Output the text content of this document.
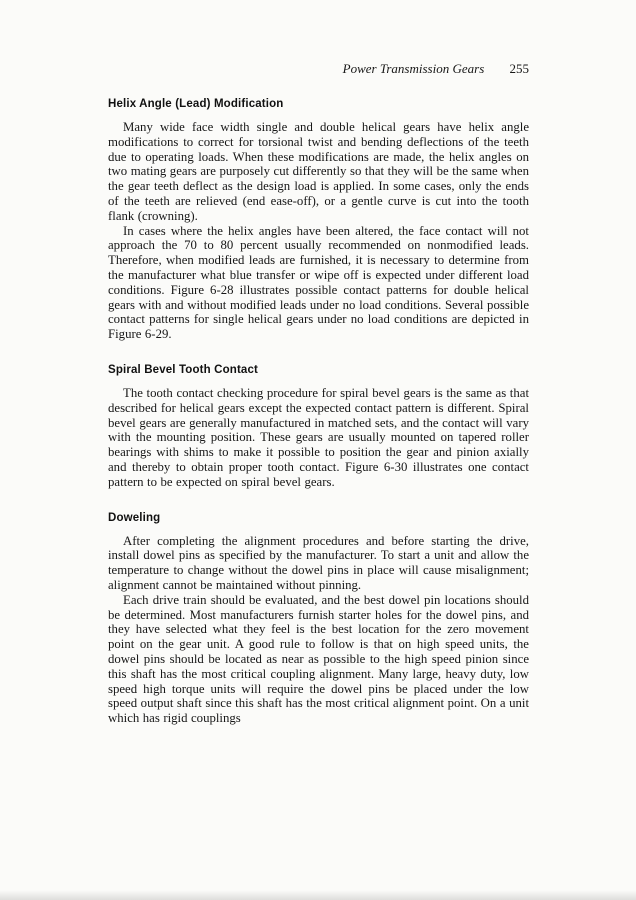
Power Transmission Gears 255
Helix Angle (Lead) Modification

Many wide face width single and double helical gears have helix angle modifications to correct for torsional twist and bending deflections of the teeth due to operating loads. When these modifications are made, the helix angles on two mating gears are purposely cut differently so that they will be the same when the gear teeth deflect as the design load is applied. In some cases, only the ends of the teeth are relieved (end ease-off), or a gentle curve is cut into the tooth flank (crowning).

In cases where the helix angles have been altered, the face contact will not approach the 70 to 80 percent usually recommended on nonmodified leads. Therefore, when modified leads are furnished, it is necessary to determine from the manufacturer what blue transfer or wipe off is expected under different load conditions. Figure 6-28 illustrates possible contact patterns for double helical gears with and without modified leads under no load conditions. Several possible contact patterns for single helical gears under no load conditions are depicted in Figure 6-29.

Spiral Bevel Tooth Contact

The tooth contact checking procedure for spiral bevel gears is the same as that described for helical gears except the expected contact pattern is different. Spiral bevel gears are generally manufactured in matched sets, and the contact will vary with the mounting position. These gears are usually mounted on tapered roller bearings with shims to make it possible to position the gear and pinion axially and thereby to obtain proper tooth contact. Figure 6-30 illustrates one contact pattern to be expected on spiral bevel gears.

Doweling

After completing the alignment procedures and before starting the drive, install dowel pins as specified by the manufacturer. To start a unit and allow the temperature to change without the dowel pins in place will cause misalignment; alignment cannot be maintained without pinning.

Each drive train should be evaluated, and the best dowel pin locations should be determined. Most manufacturers furnish starter holes for the dowel pins, and they have selected what they feel is the best location for the zero movement point on the gear unit. A good rule to follow is that on high speed units, the dowel pins should be located as near as possible to the high speed pinion since this shaft has the most critical coupling alignment. Many large, heavy duty, low speed high torque units will require the dowel pins be placed under the low speed output shaft since this shaft has the most critical alignment point. On a unit which has rigid couplings
